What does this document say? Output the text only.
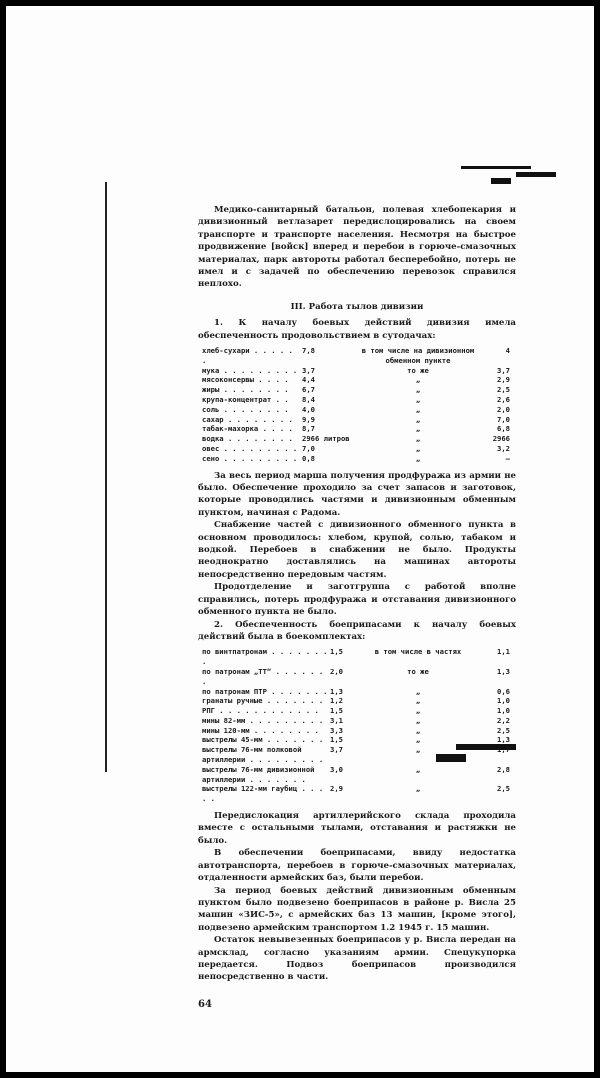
Медико-санитарный батальон, полевая хлебопекария и дивизионный ветлазарет передислоцировались на своем транспорте и транспорте населения. Несмотря на быстрое продвижение [войск] вперед и перебои в горюче-смазочных материалах, парк автороты работал бесперебойно, потерь не имел и с задачей по обеспечению перевозок справился неплохо.

III. Работа тылов дивизии

1. К началу боевых действий дивизия имела обеспеченность продовольствием в сутодачах:

хлеб-сухари . . . . . .	7,8	в том числе на дивизионном обменном пункте	4
мука . . . . . . . . .	3,7	то же	3,7
мясоконсервы . . . .	4,4	„	2,9
жиры . . . . . . . .	6,7	„	2,5
крупа-концентрат . .	8,4	„	2,6
соль . . . . . . . .	4,0	„	2,0
сахар . . . . . . . .	9,9	„	7,0
табак-махорка . . . .	8,7	„	6,8
водка . . . . . . . .	2966 литров	„	2966
овес . . . . . . . . .	7,0	„	3,2
сено . . . . . . . . .	0,8	„	—

За весь период марша получения продфуража из армии не было. Обеспечение проходило за счет запасов и заготовок, которые проводились частями и дивизионным обменным пунктом, начиная с Радома.

Снабжение частей с дивизионного обменного пункта в основном проводилось: хлебом, крупой, солью, табаком и водкой. Перебоев в снабжении не было. Продукты неоднократно доставлялись на машинах автороты непосредственно передовым частям.

Продотделение и заготгруппа с работой вполне справились, потерь продфуража и отставания дивизионного обменного пункта не было.

2. Обеспеченность боеприпасами к началу боевых действий была в боекомплектах:

по винтпатронам . . . . . . . .	1,5	в том числе в частях	1,1
по патронам „ТТ“ . . . . . . .	2,0	то же	1,3
по патронам ПТР . . . . . . .	1,3	„	0,6
гранаты ручные . . . . . . .	1,2	„	1,0
РПГ . . . . . . . . . . . .	1,5	„	1,0
мины 82-мм . . . . . . . . .	3,1	„	2,2
мины 120-мм . . . . . . . .	3,3	„	2,5
выстрелы 45-мм . . . . . . .	1,5	„	1,3
выстрелы 76-мм полковой артиллерии . . . . . . . . .	3,7	„	1,7
выстрелы 76-мм дивизионной артиллерии . . . . . . .	3,0	„	2,8
выстрелы 122-мм гаубиц . . . . .	2,9	„	2,5

Передислокация артиллерийского склада проходила вместе с остальными тылами, отставания и растяжки не было.

В обеспечении боеприпасами, ввиду недостатка автотранспорта, перебоев в горюче-смазочных материалах, отдаленности армейских баз, были перебои.

За период боевых действий дивизионным обменным пунктом было подвезено боеприпасов в районе р. Висла 25 машин «ЗИС-5», с армейских баз 13 машин, [кроме этого], подвезено армейским транспортом 1.2 1945 г. 15 машин.

Остаток невывезенных боеприпасов у р. Висла передан на армсклад, согласно указаниям армии. Спецукупорка передается. Подвоз боеприпасов производился непосредственно в части.

64
